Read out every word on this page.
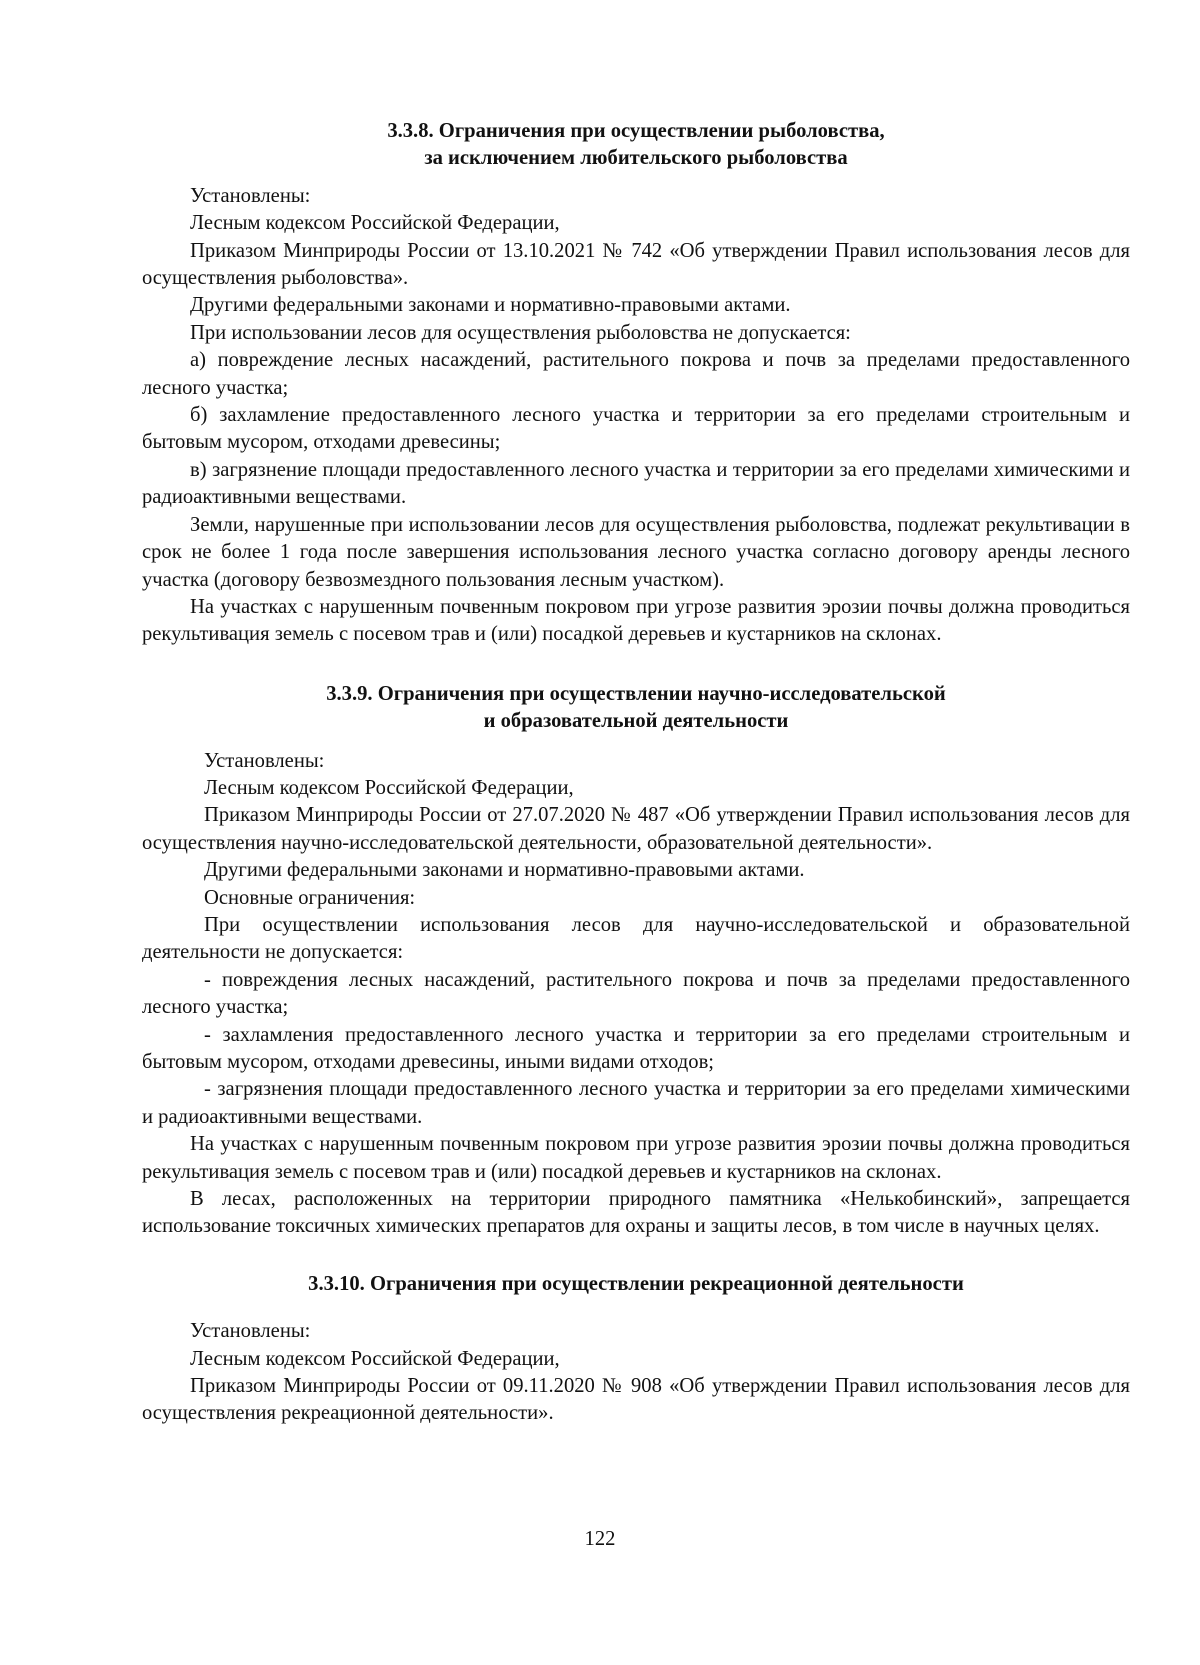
3.3.8. Ограничения при осуществлении рыболовства,
за исключением любительского рыболовства

Установлены:

Лесным кодексом Российской Федерации,

Приказом Минприроды России от 13.10.2021 № 742 «Об утверждении Правил использования лесов для осуществления рыболовства».

Другими федеральными законами и нормативно-правовыми актами.

При использовании лесов для осуществления рыболовства не допускается:

а) повреждение лесных насаждений, растительного покрова и почв за пределами предоставленного лесного участка;

б) захламление предоставленного лесного участка и территории за его пределами строительным и бытовым мусором, отходами древесины;

в) загрязнение площади предоставленного лесного участка и территории за его пределами химическими и радиоактивными веществами.

Земли, нарушенные при использовании лесов для осуществления рыболовства, подлежат рекультивации в срок не более 1 года после завершения использования лесного участка согласно договору аренды лесного участка (договору безвозмездного пользования лесным участком).

На участках с нарушенным почвенным покровом при угрозе развития эрозии почвы должна проводиться рекультивация земель с посевом трав и (или) посадкой деревьев и кустарников на склонах.

3.3.9. Ограничения при осуществлении научно-исследовательской
и образовательной деятельности

Установлены:

Лесным кодексом Российской Федерации,

Приказом Минприроды России от 27.07.2020 № 487 «Об утверждении Правил использования лесов для осуществления научно-исследовательской деятельности, образовательной деятельности».

Другими федеральными законами и нормативно-правовыми актами.

Основные ограничения:

При осуществлении использования лесов для научно-исследовательской и образовательной деятельности не допускается:

- повреждения лесных насаждений, растительного покрова и почв за пределами предоставленного лесного участка;

- захламления предоставленного лесного участка и территории за его пределами строительным и бытовым мусором, отходами древесины, иными видами отходов;

- загрязнения площади предоставленного лесного участка и территории за его пределами химическими и радиоактивными веществами.

На участках с нарушенным почвенным покровом при угрозе развития эрозии почвы должна проводиться рекультивация земель с посевом трав и (или) посадкой деревьев и кустарников на склонах.

В лесах, расположенных на территории природного памятника «Нелькобинский», запрещается использование токсичных химических препаратов для охраны и защиты лесов, в том числе в научных целях.

3.3.10. Ограничения при осуществлении рекреационной деятельности

Установлены:

Лесным кодексом Российской Федерации,

Приказом Минприроды России от 09.11.2020 № 908 «Об утверждении Правил использования лесов для осуществления рекреационной деятельности».

122
